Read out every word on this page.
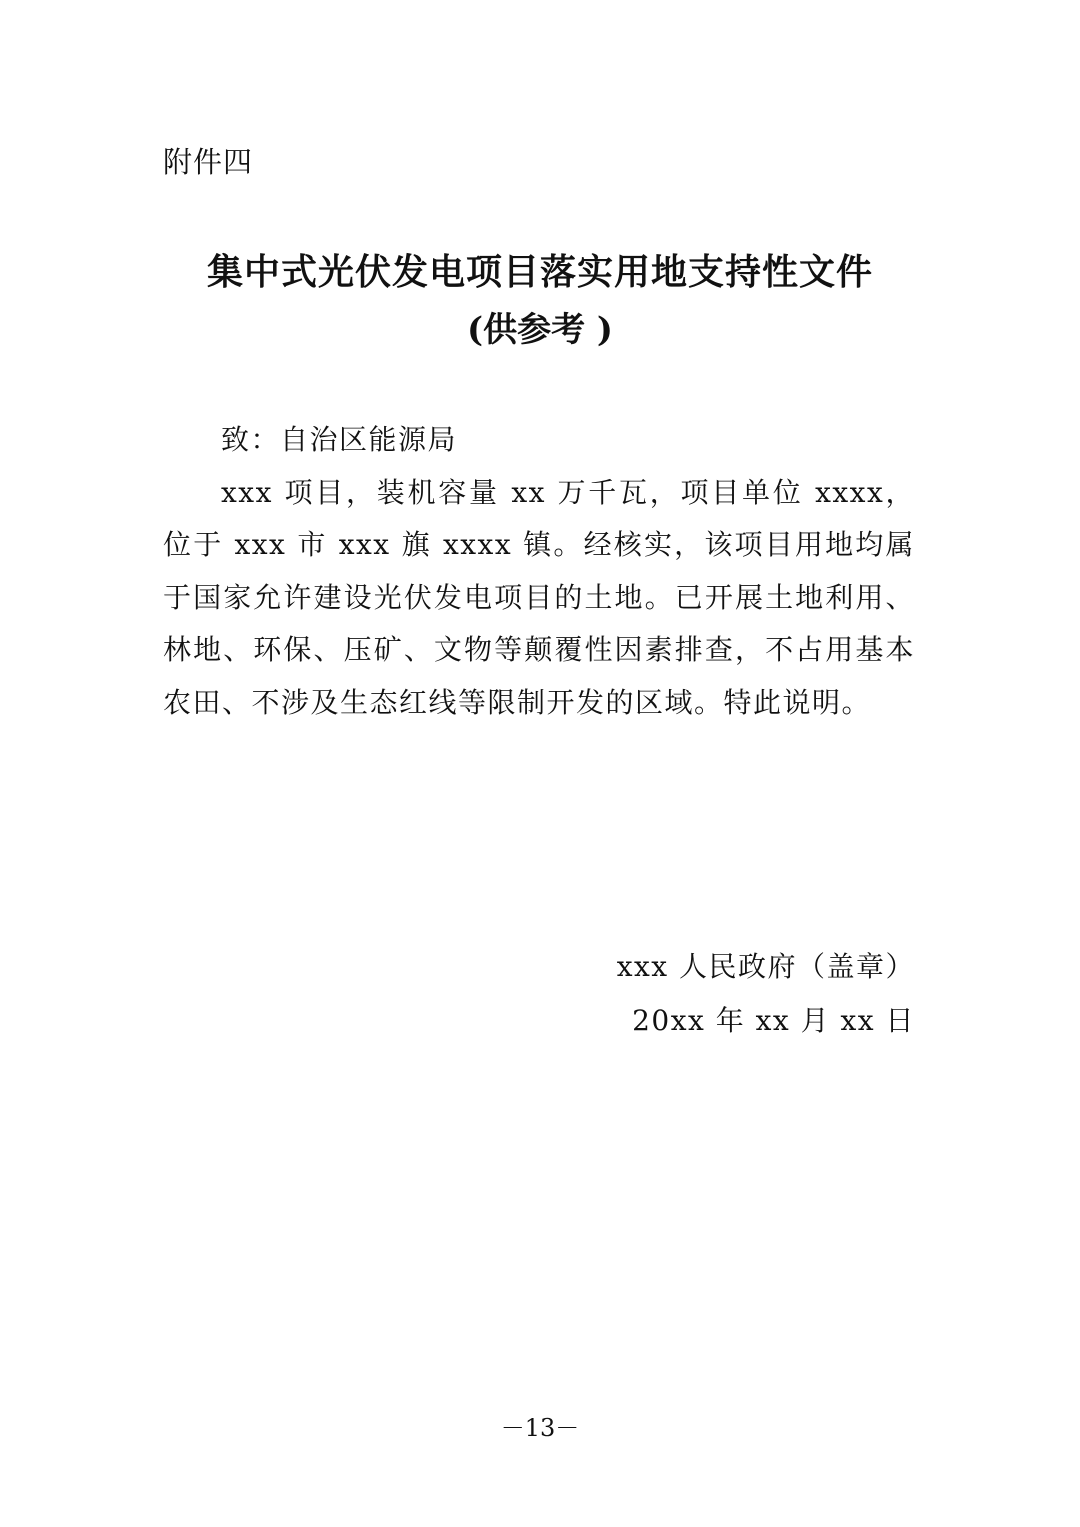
附件四
集中式光伏发电项目落实用地支持性文件
(供参考 )

致：自治区能源局

xxx 项目，装机容量 xx 万千瓦，项目单位 xxxx，位于 xxx 市 xxx 旗 xxxx 镇。经核实，该项目用地均属于国家允许建设光伏发电项目的土地。已开展土地利用、林地、环保、压矿、文物等颠覆性因素排查，不占用基本农田、不涉及生态红线等限制开发的区域。特此说明。

xxx 人民政府（盖章）
20xx 年 xx 月 xx 日
－13－
